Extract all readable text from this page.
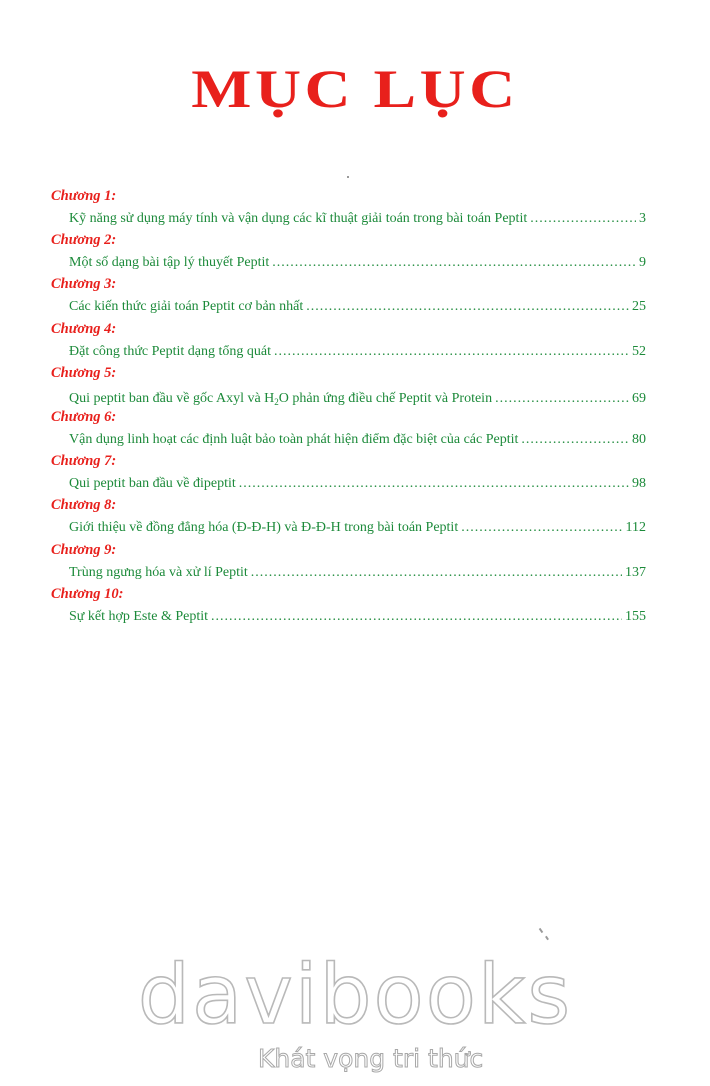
MỤC LỤC
Chương 1:
Kỹ năng sử dụng máy tính và vận dụng các kĩ thuật giải toán trong bài toán Peptit .....	3
Chương 2:
Một số dạng bài tập lý thuyết Peptit .....	9
Chương 3:
Các kiến thức giải toán Peptit cơ bản nhất .....	25
Chương 4:
Đặt công thức Peptit dạng tổng quát .....	52
Chương 5:
Qui peptit ban đầu về gốc Axyl và $H_2O$ phản ứng điều chế Peptit và Protein .....	69
Chương 6:
Vận dụng linh hoạt các định luật bảo toàn phát hiện điểm đặc biệt của các Peptit .....	80
Chương 7:
Qui peptit ban đầu về đipeptit .....	98
Chương 8:
Giới thiệu về đồng đẳng hóa (Đ-Đ-H) và Đ-Đ-H trong bài toán Peptit .....	112
Chương 9:
Trùng ngưng hóa và xử lí Peptit .....	137
Chương 10:
Sự kết hợp Este & Peptit .....	155
davibooks
Khát vọng tri thức
